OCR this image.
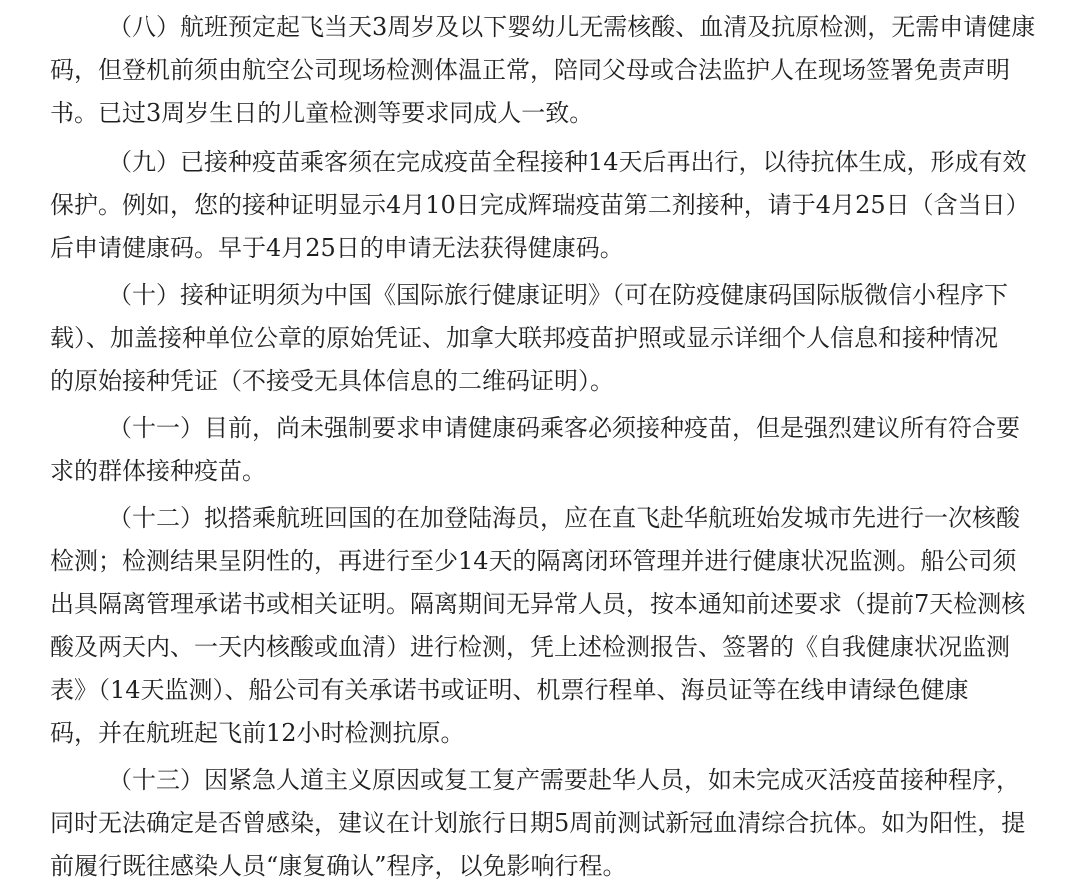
（八）航班预定起飞当天3周岁及以下婴幼儿无需核酸、血清及抗原检测，无需申请健康
码，但登机前须由航空公司现场检测体温正常，陪同父母或合法监护人在现场签署免责声明
书。已过3周岁生日的儿童检测等要求同成人一致。
（九）已接种疫苗乘客须在完成疫苗全程接种14天后再出行，以待抗体生成，形成有效
保护。例如，您的接种证明显示4月10日完成辉瑞疫苗第二剂接种，请于4月25日（含当日）
后申请健康码。早于4月25日的申请无法获得健康码。
（十）接种证明须为中国《国际旅行健康证明》（可在防疫健康码国际版微信小程序下
载）、加盖接种单位公章的原始凭证、加拿大联邦疫苗护照或显示详细个人信息和接种情况
的原始接种凭证（不接受无具体信息的二维码证明）。
（十一）目前，尚未强制要求申请健康码乘客必须接种疫苗，但是强烈建议所有符合要
求的群体接种疫苗。
（十二）拟搭乘航班回国的在加登陆海员，应在直飞赴华航班始发城市先进行一次核酸
检测；检测结果呈阴性的，再进行至少14天的隔离闭环管理并进行健康状况监测。船公司须
出具隔离管理承诺书或相关证明。隔离期间无异常人员，按本通知前述要求（提前7天检测核
酸及两天内、一天内核酸或血清）进行检测，凭上述检测报告、签署的《自我健康状况监测
表》（14天监测）、船公司有关承诺书或证明、机票行程单、海员证等在线申请绿色健康
码，并在航班起飞前12小时检测抗原。
（十三）因紧急人道主义原因或复工复产需要赴华人员，如未完成灭活疫苗接种程序，
同时无法确定是否曾感染，建议在计划旅行日期5周前测试新冠血清综合抗体。如为阳性，提
前履行既往感染人员“康复确认”程序，以免影响行程。
